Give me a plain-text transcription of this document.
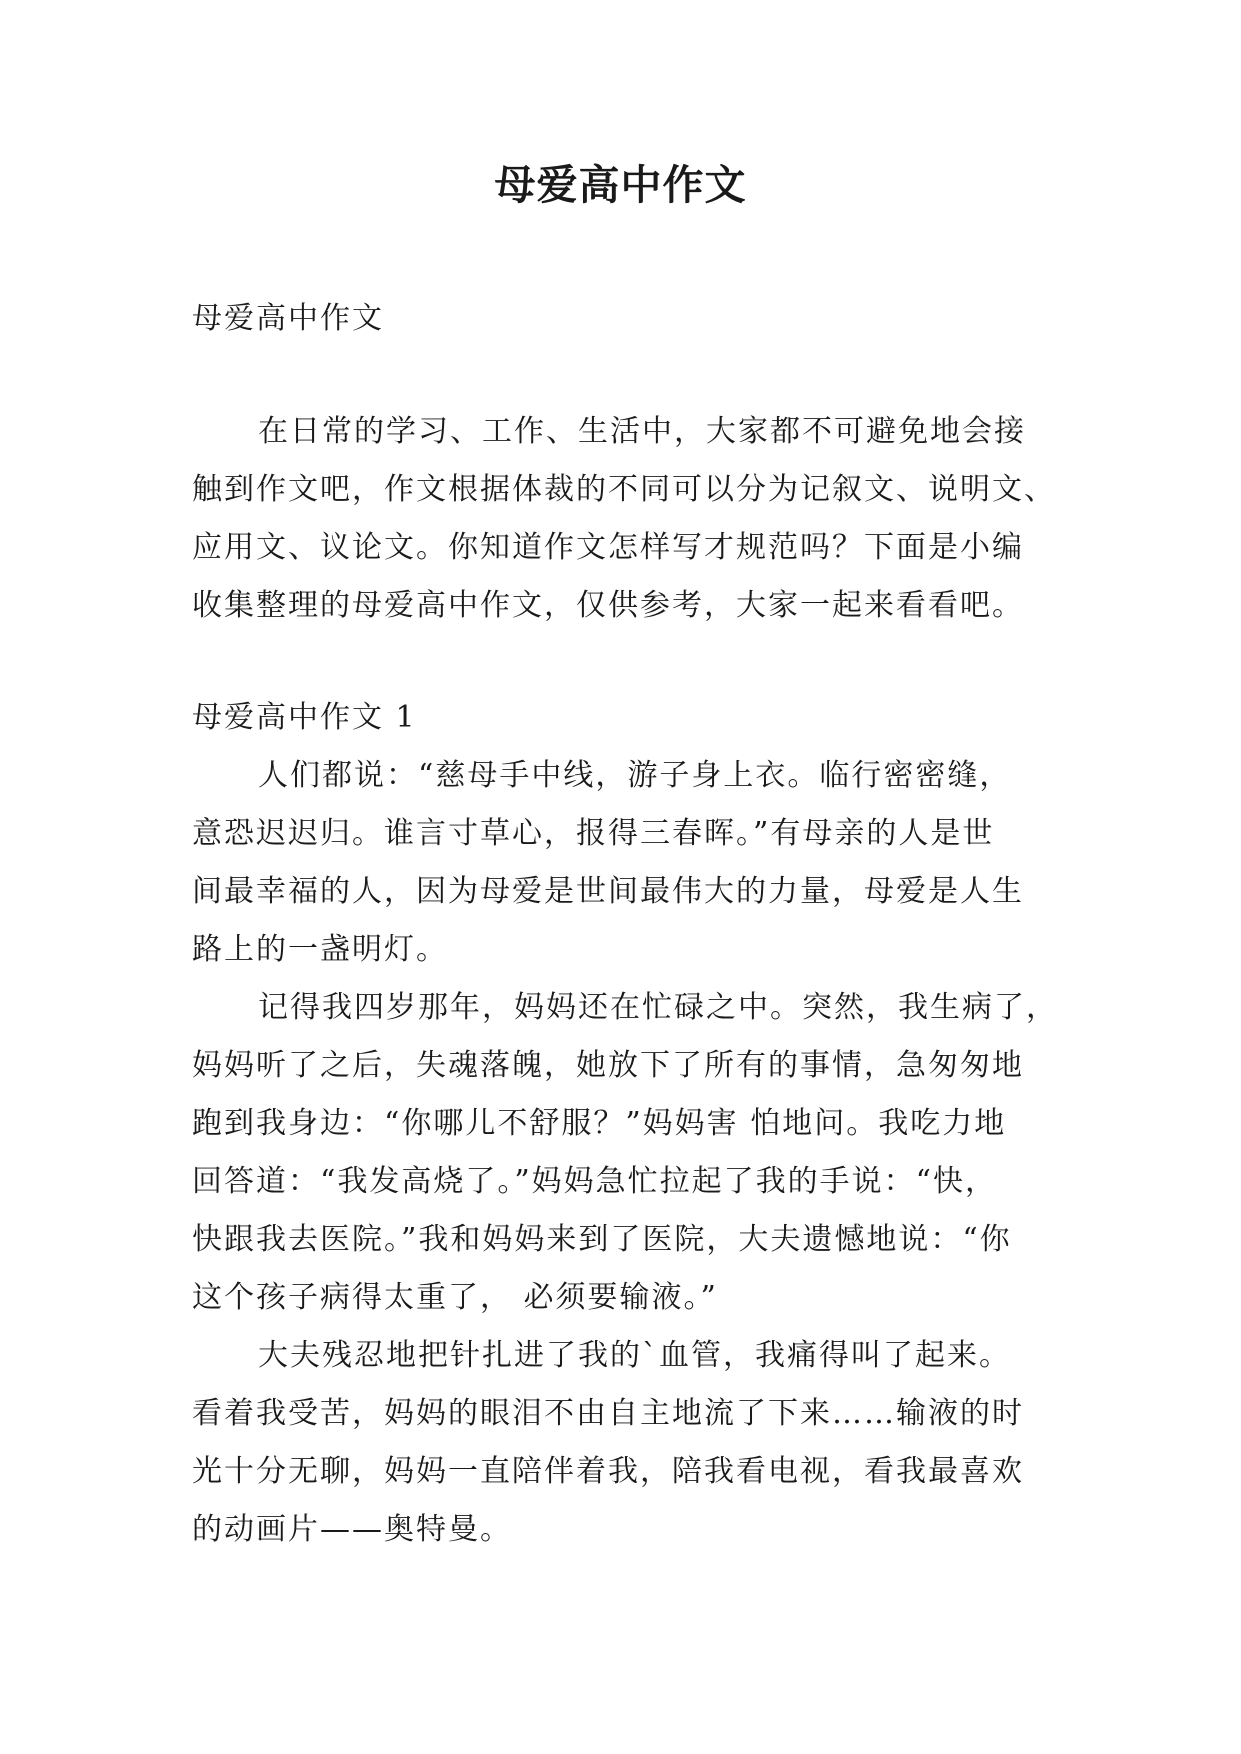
母爱高中作文

母爱高中作文

在日常的学习、工作、生活中，大家都不可避免地会接
触到作文吧，作文根据体裁的不同可以分为记叙文、说明文、
应用文、议论文。你知道作文怎样写才规范吗？下面是小编
收集整理的母爱高中作文，仅供参考，大家一起来看看吧。

母爱高中作文 1

人们都说：“慈母手中线，游子身上衣。临行密密缝，
意恐迟迟归。谁言寸草心，报得三春晖。”有母亲的人是世
间最幸福的人，因为母爱是世间最伟大的力量，母爱是人生
路上的一盏明灯。

记得我四岁那年，妈妈还在忙碌之中。突然，我生病了，
妈妈听了之后，失魂落魄，她放下了所有的事情，急匆匆地
跑到我身边：“你哪儿不舒服？”妈妈害 怕地问。我吃力地
回答道：“我发高烧了。”妈妈急忙拉起了我的手说：“快，
快跟我去医院。”我和妈妈来到了医院，大夫遗憾地说：“你
这个孩子病得太重了， 必须要输液。”

大夫残忍地把针扎进了我的`血管，我痛得叫了起来。
看着我受苦，妈妈的眼泪不由自主地流了下来……输液的时
光十分无聊，妈妈一直陪伴着我，陪我看电视，看我最喜欢
的动画片——奥特曼。
